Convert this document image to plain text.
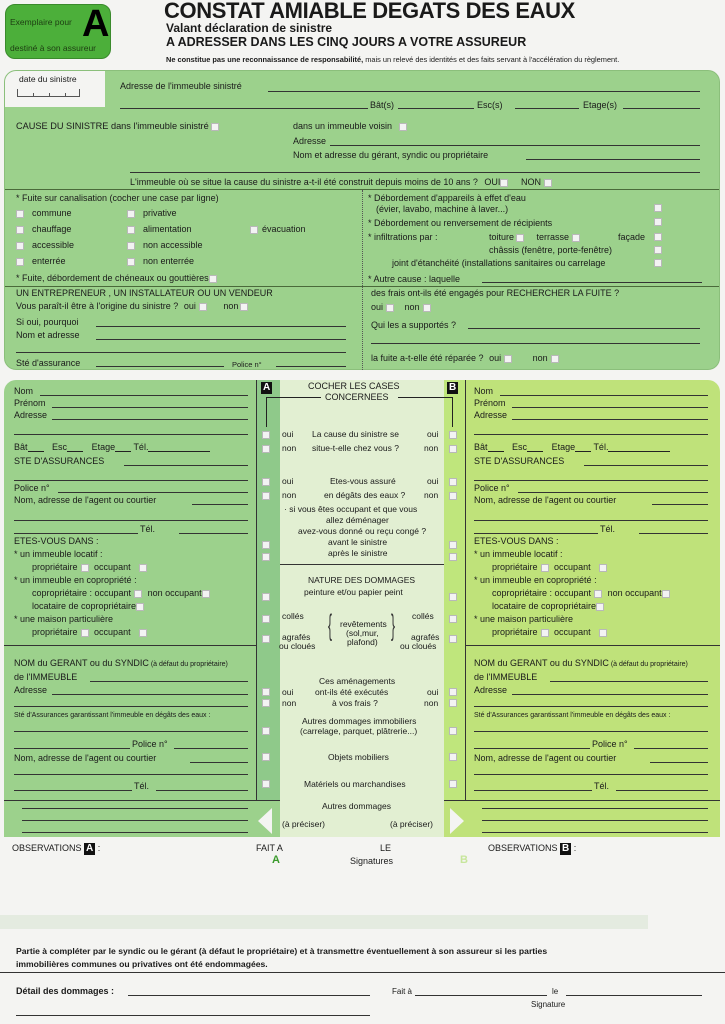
Exemplaire pour A
destiné à son assureur
CONSTAT AMIABLE DEGATS DES EAUX
Valant déclaration de sinistre
A ADRESSER DANS LES CINQ JOURS A VOTRE ASSUREUR
Ne constitue pas une reconnaissance de responsabilité, mais un relevé des identités et des faits servant à l'accélération du règlement.
date du sinistre
Adresse de l'immeuble sinistré
Bât(s)	Esc(s)	Etage(s)
CAUSE DU SINISTRE dans l'immeuble sinistré	dans un immeuble voisin
Adresse
Nom et adresse du gérant, syndic ou propriétaire
L'immeuble où se situe la cause du sinistre a-t-il été construit depuis moins de 10 ans ? OUI NON
* Fuite sur canalisation (cocher une case par ligne)
commune	privative
chauffage	alimentation	évacuation
accessible	non accessible
enterrée	non enterrée
* Fuite, débordement de chéneaux ou gouttières
* Débordement d'appareils à effet d'eau
(évier, lavabo, machine à laver...)
* Débordement ou renversement de récipients
* infiltrations par :	toiture	terrasse	façade
châssis (fenêtre, porte-fenêtre)
joint d'étanchéité (installations sanitaires ou carrelage
* Autre cause : laquelle
UN ENTREPRENEUR , UN INSTALLATEUR OU UN VENDEUR
Vous paraît-il être à l'origine du sinistre ? oui	non
Si oui, pourquoi
Nom et adresse
Sté d'assurance	Police n°
des frais ont-ils été engagés pour RECHERCHER LA FUITE ?
oui non
Qui les a supportés ?
la fuite a-t-elle été réparée ? oui	non
Nom
Prénom
Adresse
Bât	Esc	Etage Tél.
STE D'ASSURANCES
Police n°
Nom, adresse de l'agent ou courtier
Tél.
ETES-VOUS DANS :
* un immeuble locatif :
propriétaire occupant
* un immeuble en copropriété :
copropriétaire : occupant non occupant
locataire de copropriétaire
* une maison particulière
propriétaire occupant
NOM du GERANT ou du SYNDIC (à défaut du propriétaire)
de l'IMMEUBLE
Adresse
Sté d'Assurances garantissant l'immeuble en dégâts des eaux :
Police n°
Nom, adresse de l'agent ou courtier
Tél.
Nom
Prénom
Adresse
Bât	Esc	Etage Tél.
STE D'ASSURANCES
Police n°
Nom, adresse de l'agent ou courtier
Tél.
ETES-VOUS DANS :
* un immeuble locatif :
propriétaire occupant
* un immeuble en copropriété :
copropriétaire : occupant non occupant
locataire de copropriétaire
* une maison particulière
propriétaire occupant
NOM du GERANT ou du SYNDIC (à défaut du propriétaire)
de l'IMMEUBLE
Adresse
Sté d'Assurances garantissant l'immeuble en dégâts des eaux :
Police n°
Nom, adresse de l'agent ou courtier
Tél.
A	B
COCHER LES CASES
CONCERNEES
oui La cause du sinistre se	oui
non situe-t-elle chez vous ?	non
oui	Etes-vous assuré	oui
non	en dégâts des eaux ? non
· si vous êtes occupant et que vous
allez déménager
avez-vous donné ou reçu congé ?
avant le sinistre
après le sinistre
NATURE DES DOMMAGES
peinture et/ou papier peint
collés	collés
{ revêtements
(sol,mur,
plafond) }
agrafés
ou cloués
agrafés
ou cloués
Ces aménagements
ont-ils été exécutés
à vos frais ?
oui	oui
non	non
Autres dommages immobiliers
(carrelage, parquet, plâtrerie...)
Objets mobiliers
Matériels ou marchandises
Autres dommages
(à préciser)	(à préciser)
OBSERVATIONS A :	FAIT A	LE
A	Signatures	B
OBSERVATIONS B :
Partie à compléter par le syndic ou le gérant (à défaut le propriétaire) et à transmettre éventuellement à son assureur si les parties
immobilières communes ou privatives ont été endommagées.
Détail des dommages :	Fait à	le
Signature
